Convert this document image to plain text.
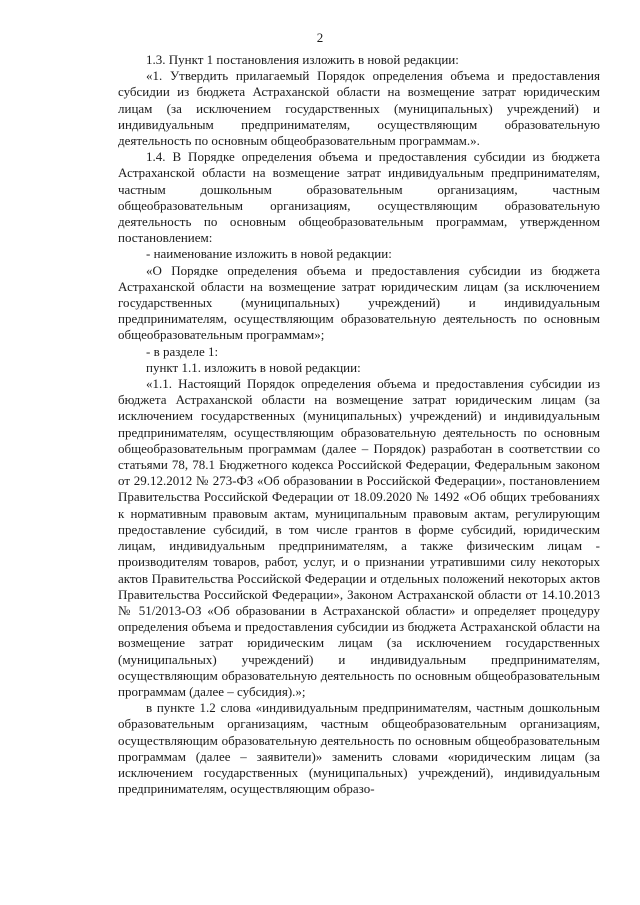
2

1.3. Пункт 1 постановления изложить в новой редакции:

«1. Утвердить прилагаемый Порядок определения объема и предоставления субсидии из бюджета Астраханской области на возмещение затрат юридическим лицам (за исключением государственных (муниципальных) учреждений) и индивидуальным предпринимателям, осуществляющим образовательную деятельность по основным общеобразовательным программам.».

1.4. В Порядке определения объема и предоставления субсидии из бюджета Астраханской области на возмещение затрат индивидуальным предпринимателям, частным дошкольным образовательным организациям, частным общеобразовательным организациям, осуществляющим образовательную деятельность по основным общеобразовательным программам, утвержденном постановлением:

- наименование изложить в новой редакции:

«О Порядке определения объема и предоставления субсидии из бюджета Астраханской области на возмещение затрат юридическим лицам (за исключением государственных (муниципальных) учреждений) и индивидуальным предпринимателям, осуществляющим образовательную деятельность по основным общеобразовательным программам»;

- в разделе 1:

пункт 1.1. изложить в новой редакции:

«1.1. Настоящий Порядок определения объема и предоставления субсидии из бюджета Астраханской области на возмещение затрат юридическим лицам (за исключением государственных (муниципальных) учреждений) и индивидуальным предпринимателям, осуществляющим образовательную деятельность по основным общеобразовательным программам (далее – Порядок) разработан в соответствии со статьями 78, 78.1 Бюджетного кодекса Российской Федерации, Федеральным законом от 29.12.2012 № 273-ФЗ «Об образовании в Российской Федерации», постановлением Правительства Российской Федерации от 18.09.2020 № 1492 «Об общих требованиях к нормативным правовым актам, муниципальным правовым актам, регулирующим предоставление субсидий, в том числе грантов в форме субсидий, юридическим лицам, индивидуальным предпринимателям, а также физическим лицам - производителям товаров, работ, услуг, и о признании утратившими силу некоторых актов Правительства Российской Федерации и отдельных положений некоторых актов Правительства Российской Федерации», Законом Астраханской области от 14.10.2013 № 51/2013-ОЗ «Об образовании в Астраханской области» и определяет процедуру определения объема и предоставления субсидии из бюджета Астраханской области на возмещение затрат юридическим лицам (за исключением государственных (муниципальных) учреждений) и индивидуальным предпринимателям, осуществляющим образовательную деятельность по основным общеобразовательным программам (далее – субсидия).»;

в пункте 1.2 слова «индивидуальным предпринимателям, частным дошкольным образовательным организациям, частным общеобразовательным организациям, осуществляющим образовательную деятельность по основным общеобразовательным программам (далее – заявители)» заменить словами «юридическим лицам (за исключением государственных (муниципальных) учреждений), индивидуальным предпринимателям, осуществляющим образо-
